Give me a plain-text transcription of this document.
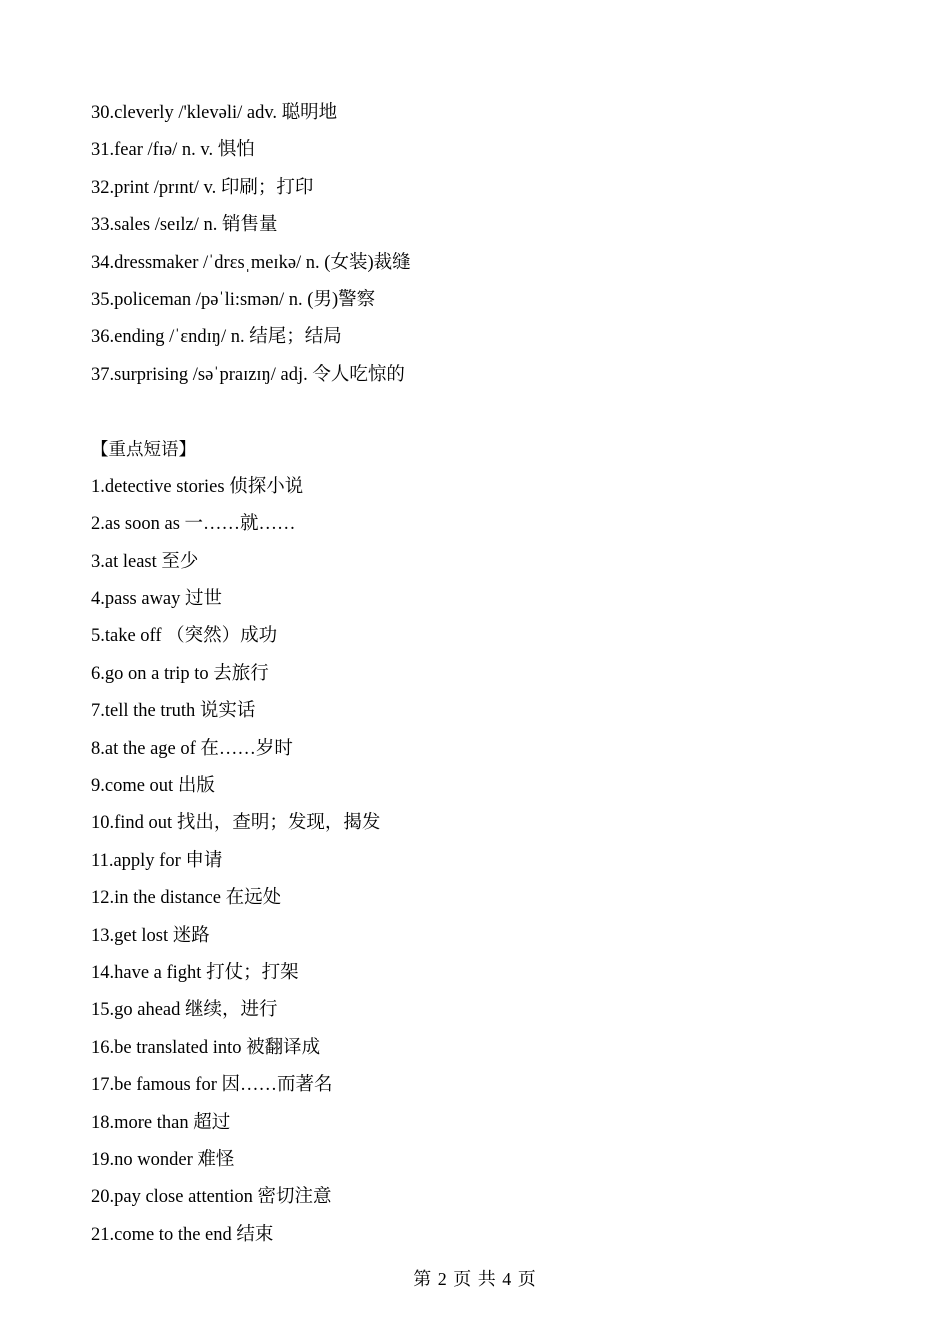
30.cleverly /'klevəli/ adv. 聪明地
31.fear /fɪə/ n. v. 惧怕
32.print /prɪnt/ v. 印刷；打印
33.sales /seɪlz/ n. 销售量
34.dressmaker /ˈdrɛsˌmeɪkə/ n. (女装)裁缝
35.policeman /pəˈli:smən/ n. (男)警察
36.ending /ˈɛndɪŋ/ n. 结尾；结局
37.surprising /səˈpraɪzɪŋ/ adj. 令人吃惊的
【重点短语】
1.detective stories 侦探小说
2.as soon as 一……就……
3.at least 至少
4.pass away 过世
5.take off （突然）成功
6.go on a trip to 去旅行
7.tell the truth 说实话
8.at the age of 在……岁时
9.come out 出版
10.find out 找出，查明；发现，揭发
11.apply for 申请
12.in the distance 在远处
13.get lost 迷路
14.have a fight 打仗；打架
15.go ahead 继续，进行
16.be translated into 被翻译成
17.be famous for 因……而著名
18.more than 超过
19.no wonder 难怪
20.pay close attention 密切注意
21.come to the end 结束
第 2 页 共 4 页
